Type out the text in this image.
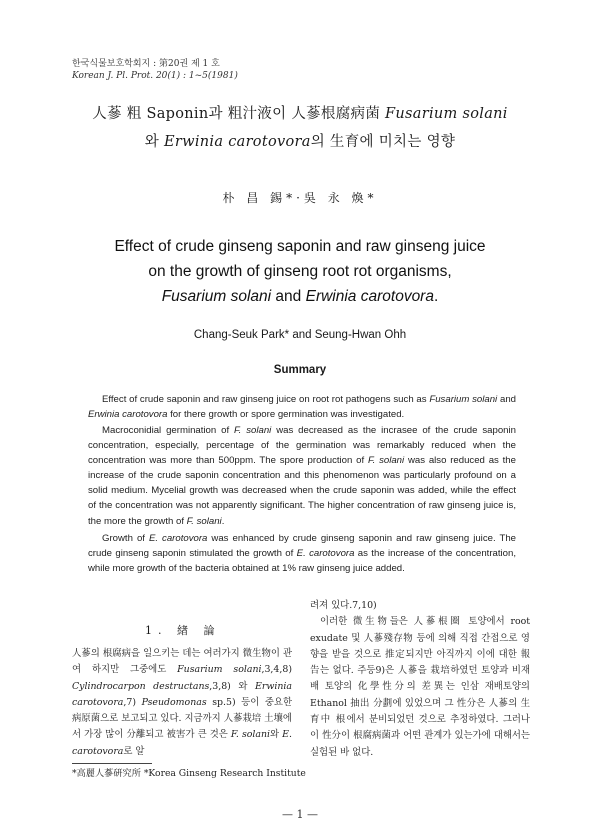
한국식물보호학회지 : 第20권 제 1 호
Korean J. Pl. Prot. 20(1) : 1~5(1981)
人蔘 粗 Saponin과 粗汁液이 人蔘根腐病菌 Fusarium solani
와 Erwinia carotovora의 生育에 미치는 영향
朴 昌 錫*·吳 永 煥*
Effect of crude ginseng saponin and raw ginseng juice
on the growth of ginseng root rot organisms,
Fusarium solani and Erwinia carotovora.
Chang-Seuk Park* and Seung-Hwan Ohh
Summary

Effect of crude saponin and raw ginseng juice on root rot pathogens such as Fusarium solani and Erwinia carotovora for there growth or spore germination was investigated.

Macroconidial germination of F. solani was decreased as the incrasee of the crude saponin concentration, especially, percentage of the germination was remarkably reduced when the concentration was more than 500ppm. The spore production of F. solani was also reduced as the increase of the crude saponin concentration and this phenomenon was particularly profound on a solid medium. Mycelial growth was decreased when the crude saponin was added, while the effect of the concentration was not apparently significant. The higher concentration of raw ginseng juice is, the more the growth of F. solani.

Growth of E. carotovora was enhanced by crude ginseng saponin and raw ginseng juice. The crude ginseng saponin stimulated the growth of E. carotovora as the increase of the concentration, while more growth of the bacteria obtained at 1% raw ginseng juice added.

1. 緖 論

人蔘의 根腐病을 일으키는 데는 여러가지 微生物이 관여 하지만 그중에도 Fusarium solani,3,4,8) Cylindrocarpon destructans,3,8) 와 Erwinia carotovora,7) Pseudomonas sp.5) 등이 중요한 病原菌으로 보고되고 있다. 지금까지 人蔘栽培 土壤에서 가장 많이 分離되고 被害가 큰 것은 F. solani와 E. carotovora로 알

려져 있다.7,10)

이러한 微生物들은 人蔘根圈 토양에서 root exudate 및 人蔘殘存物 등에 의해 직접 간접으로 영향을 받을 것으로 推定되지만 아직까지 이에 대한 報告는 없다. 주등9)은 人蔘을 栽培하였던 토양과 비재배 토양의 化學性分의 差異는 인삼 재배토양의 Ethanol 抽出 分劃에 있었으며 그 性分은 人蔘의 生育中 根에서 분비되었던 것으로 추정하였다. 그러나 이 性分이 根腐病菌과 어떤 관계가 있는가에 대해서는 실험된 바 없다.

*高麗人蔘硏究所 *Korea Ginseng Research Institute
— 1 —
